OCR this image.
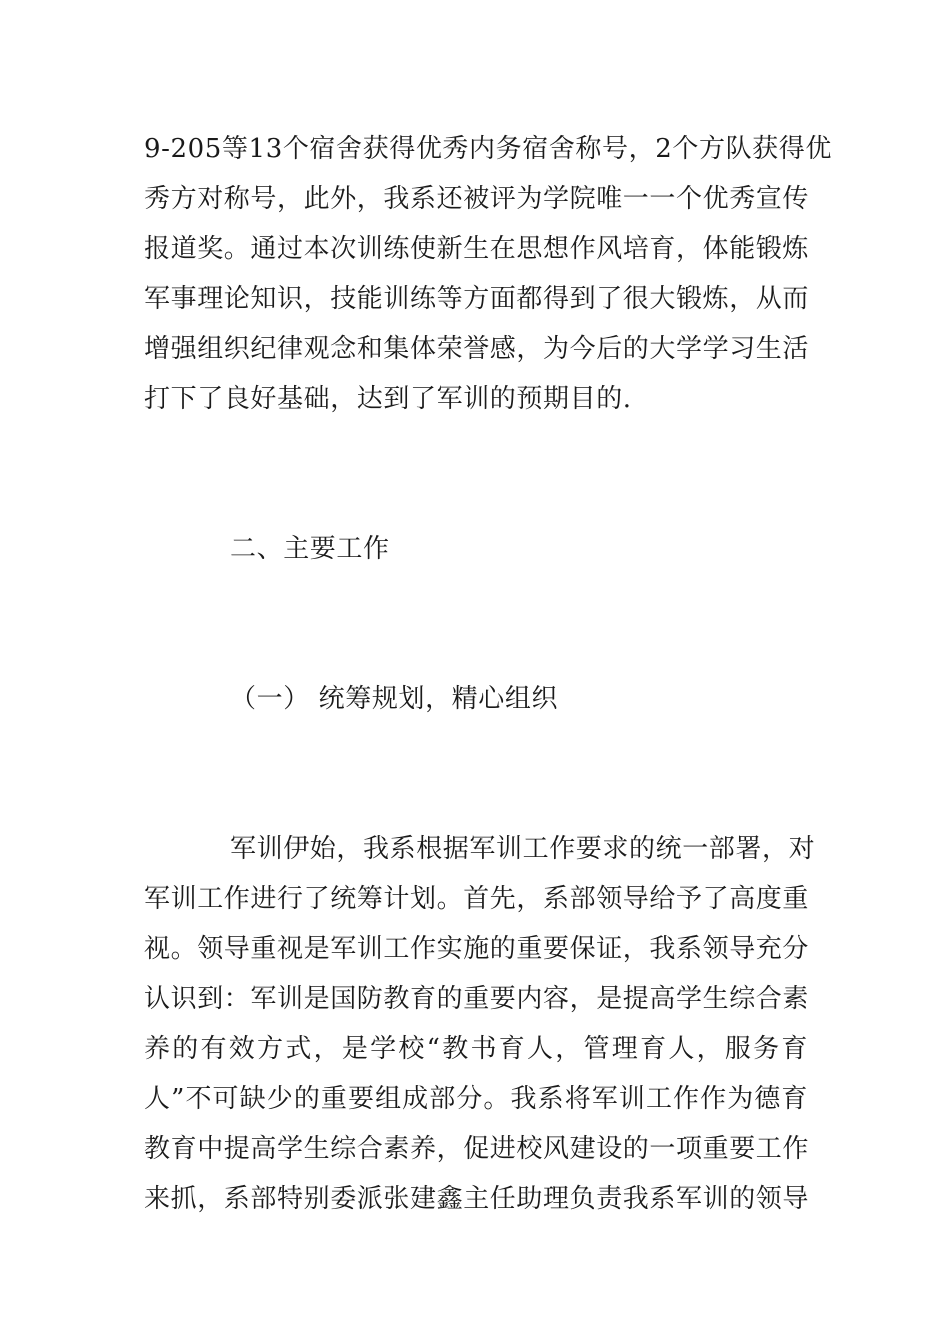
9-205等13个宿舍获得优秀内务宿舍称号，2个方队获得优
秀方对称号，此外，我系还被评为学院唯一一个优秀宣传
报道奖。通过本次训练使新生在思想作风培育，体能锻炼
军事理论知识，技能训练等方面都得到了很大锻炼，从而
增强组织纪律观念和集体荣誉感，为今后的大学学习生活
打下了良好基础，达到了军训的预期目的.
二、主要工作
（一） 统筹规划，精心组织
军训伊始，我系根据军训工作要求的统一部署，对
军训工作进行了统筹计划。首先，系部领导给予了高度重
视。领导重视是军训工作实施的重要保证，我系领导充分
认识到：军训是国防教育的重要内容，是提高学生综合素
养的有效方式，是学校“教书育人，管理育人，服务育
人”不可缺少的重要组成部分。我系将军训工作作为德育
教育中提高学生综合素养，促进校风建设的一项重要工作
来抓，系部特别委派张建鑫主任助理负责我系军训的领导
